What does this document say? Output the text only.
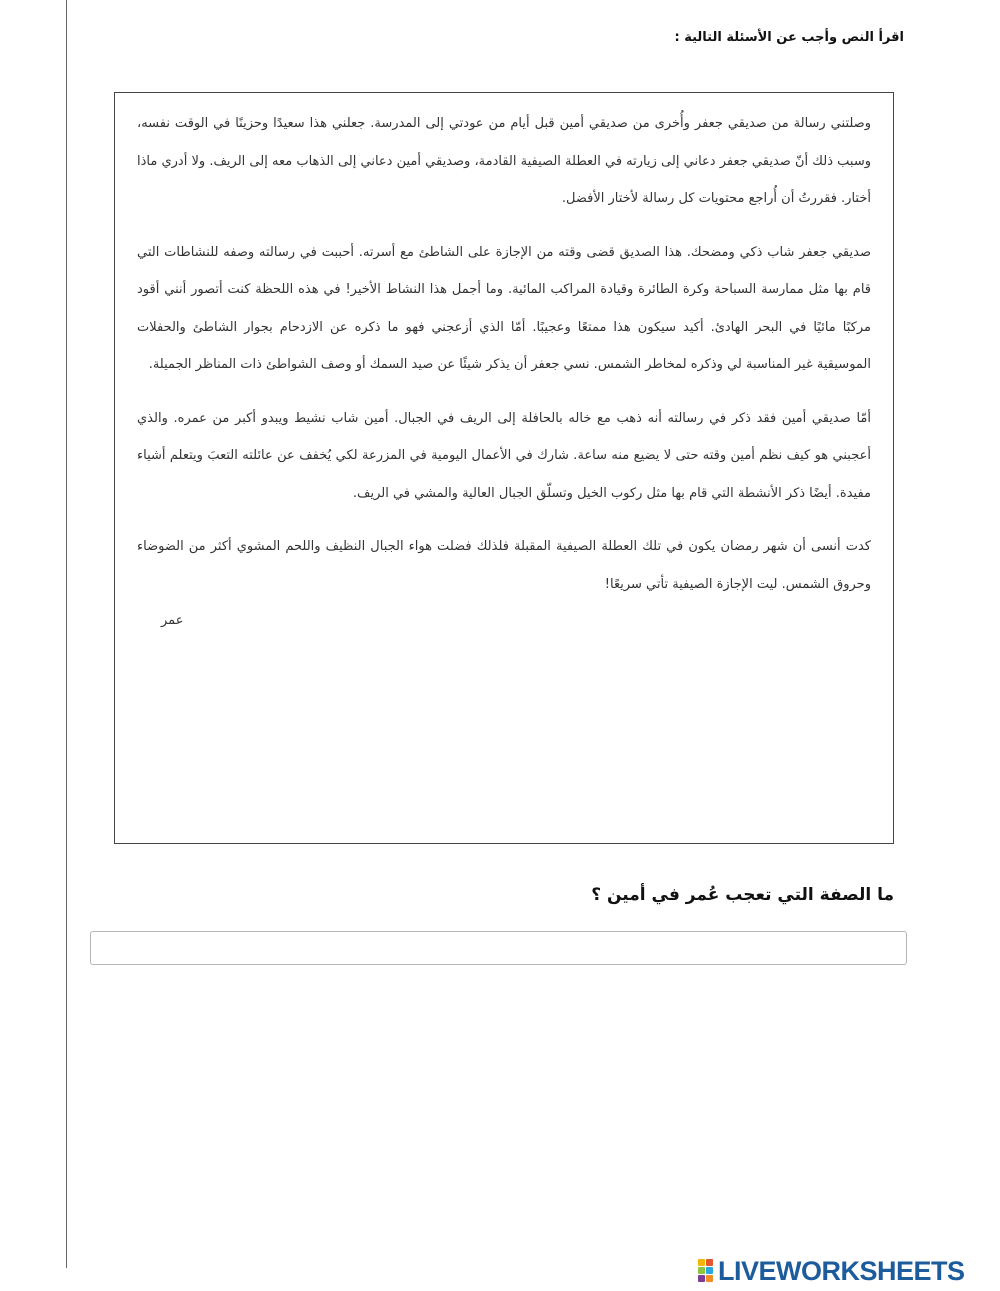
اقرأ النص وأجب عن الأسئلة التالية :

وصلتني رسالة من صديقي جعفر وأُخرى من صديقي أمين قبل أيام من عودتي إلى المدرسة. جعلني هذا سعيدًا وحزينًا في الوقت نفسه، وسبب ذلك أنّ صديقي جعفر دعاني إلى زيارته في العطلة الصيفية القادمة، وصديقي أمين دعاني إلى الذهاب معه إلى الريف. ولا أدري ماذا أختار. فقررتُ أن أُراجع محتويات كل رسالة لأختار الأفضل.

صديقي جعفر شاب ذكي ومضحك. هذا الصديق قضى وقته من الإجازة على الشاطئ مع أسرته. أحببت في رسالته وصفه للنشاطات التي قام بها مثل ممارسة السباحة وكرة الطائرة وقيادة المراكب المائية. وما أجمل هذا النشاط الأخير! في هذه اللحظة كنت أتصور أنني أقود مركبًا مائيًا في البحر الهادئ. أكيد سيكون هذا ممتعًا وعجيبًا. أمّا الذي أزعجني فهو ما ذكره عن الازدحام بجوار الشاطئ والحفلات الموسيقية غير المناسبة لي وذكره لمخاطر الشمس. نسي جعفر أن يذكر شيئًا عن صيد السمك أو وصف الشواطئ ذات المناظر الجميلة.

أمّا صديقي أمين فقد ذكر في رسالته أنه ذهب مع خاله بالحافلة إلى الريف في الجبال. أمين شاب نشيط ويبدو أكبر من عمره. والذي أعجبني هو كيف نظم أمين وقته حتى لا يضيع منه ساعة. شارك في الأعمال اليومية في المزرعة لكي يُخفف عن عائلته التعبَ ويتعلم أشياء مفيدة. أيضًا ذكر الأنشطة التي قام بها مثل ركوب الخيل وتسلّق الجبال العالية والمشي في الريف.

كدت أنسى أن شهر رمضان يكون في تلك العطلة الصيفية المقبلة فلذلك فضلت هواء الجبال النظيف واللحم المشوي أكثر من الضوضاء وحروق الشمس. ليت الإجازة الصيفية تأتي سريعًا!

عمر
ما الصفة التي تعجب عُمر في أمين ؟
LIVEWORKSHEETS
